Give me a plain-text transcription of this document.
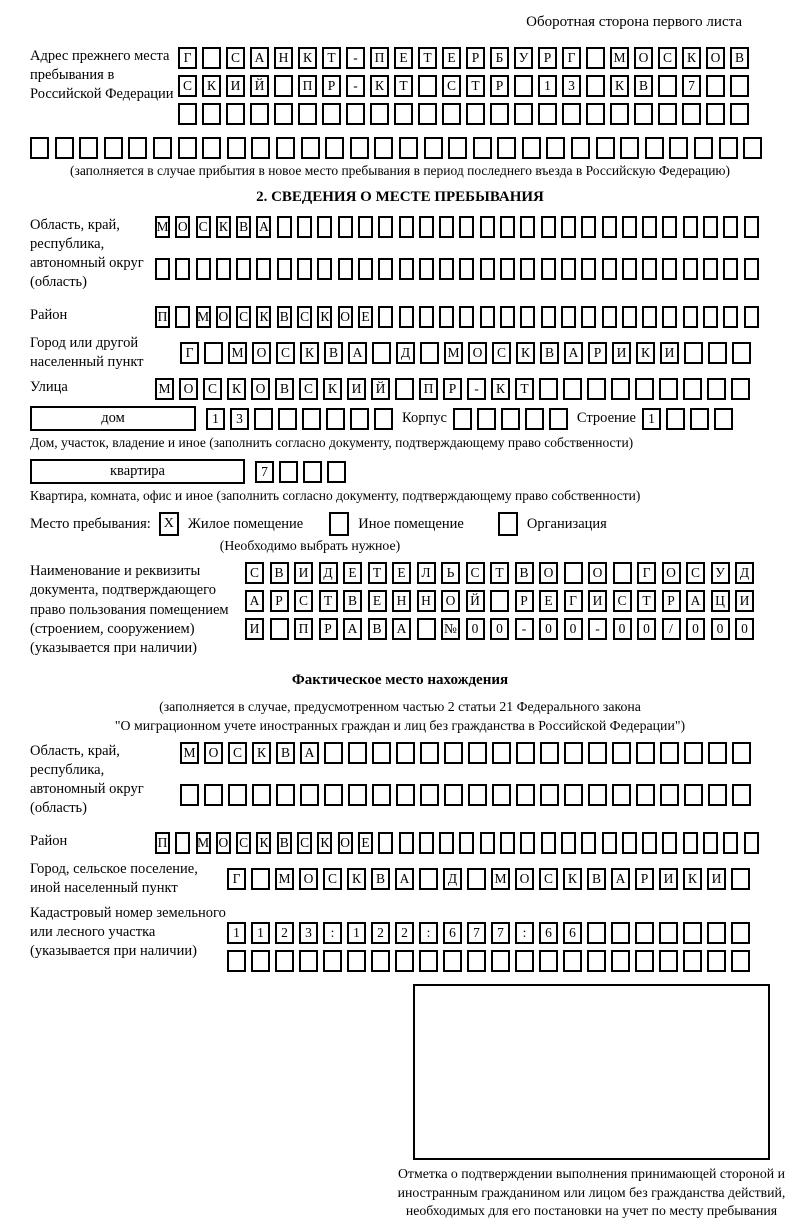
Оборотная сторона первого листа
Адрес прежнего места пребывания в Российской Федерации
Г	С	А	Н	К	Т	-	П	Е	Т	Е	Р	Б	У	Р	Г	М О	С	К	О	В
С	К	И	Й	П	Р	-	К	Т	С	Т	Р	1	3	К	В	7
(заполняется в случае прибытия в новое место пребывания в период последнего въезда в Российскую Федерацию)
2. СВЕДЕНИЯ О МЕСТЕ ПРЕБЫВАНИЯ
Область, край, республика, автономный округ (область)
М О С К В А
Район	П М О С К В С К О Е
Город или другой населенный пункт
Г	М О	С	К	В	А	Д	М О	С	К	В	А	Р	И	К	И
Улица	М О	С	К	О	В	С	К	И	Й	П	Р	-	К	Т
дом	1	3	Корпус	Строение 1
Дом, участок, владение и иное (заполнить согласно документу, подтверждающему право собственности)
квартира	7
Квартира, комната, офис и иное (заполнить согласно документу, подтверждающему право собственности)
Место пребывания: X Жилое помещение	Иное помещение	Организация
(Необходимо выбрать нужное)
Наименование и реквизиты документа, подтверждающего право пользования помещением (строением, сооружением) (указывается при наличии)
С	В	И	Д	Е	Т	Е	Л	Ь	С	Т	В	О	О	Г	О	С	У	Д
А	Р	С	Т	В	Е	Н	Н	О	Й	Р	Е	Г	И	С	Т	Р	А	Ц	И
И	П	Р	А	В	А	№	0	0	-	0	0	-	0	0	/	0	0	0
Фактическое место нахождения
(заполняется в случае, предусмотренном частью 2 статьи 21 Федерального закона
"О миграционном учете иностранных граждан и лиц без гражданства в Российской Федерации")
Область, край, республика, автономный округ (область)
М О	С	К	В	А
Район	П М О С К В С К О Е
Город, сельское поселение, иной населенный пункт
Г	М О	С	К	В	А	Д	М О	С	К	В	А	Р	И	К	И
Кадастровый номер земельного или лесного участка (указывается при наличии)
1	1	2	3	:	1	2	2	:	6	7	7	:	6	6
Отметка о подтверждении выполнения принимающей стороной и иностранным гражданином или лицом без гражданства действий, необходимых для его постановки на учет по месту пребывания
